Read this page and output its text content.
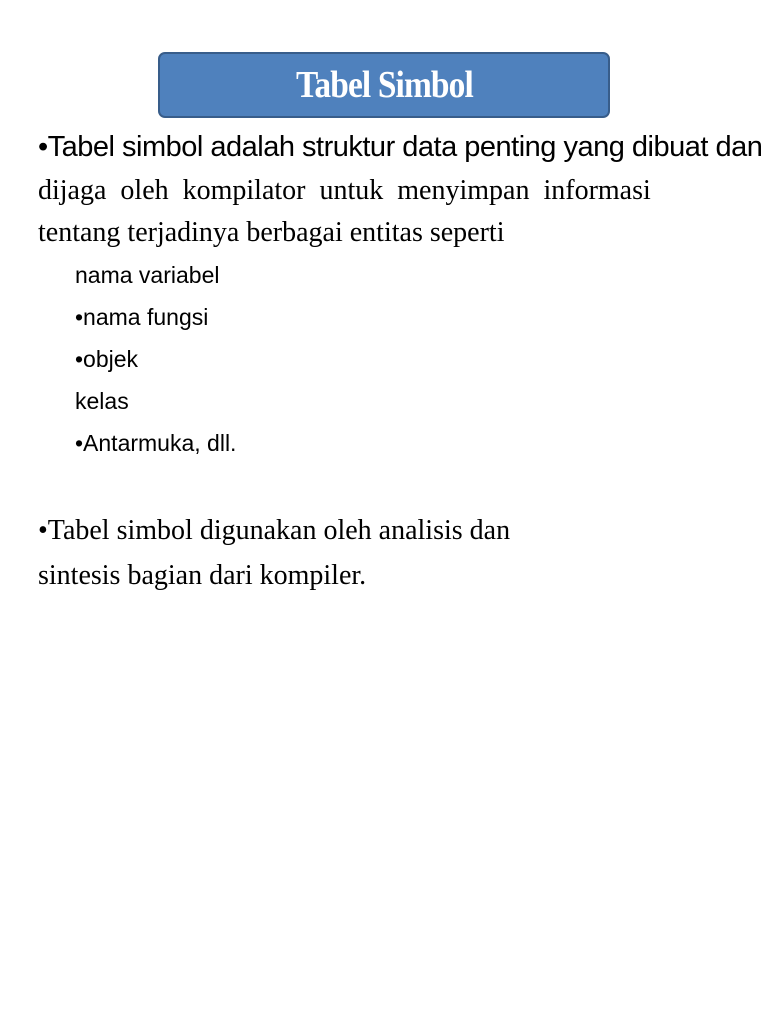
Tabel Simbol
•Tabel simbol adalah struktur data penting yang dibuat dan
dijaga oleh kompilator untuk menyimpan informasi
tentang terjadinya berbagai entitas seperti
nama variabel
•nama fungsi
•objek
kelas
•Antarmuka, dll.
•Tabel simbol digunakan oleh analisis dan
sintesis bagian dari kompiler.
